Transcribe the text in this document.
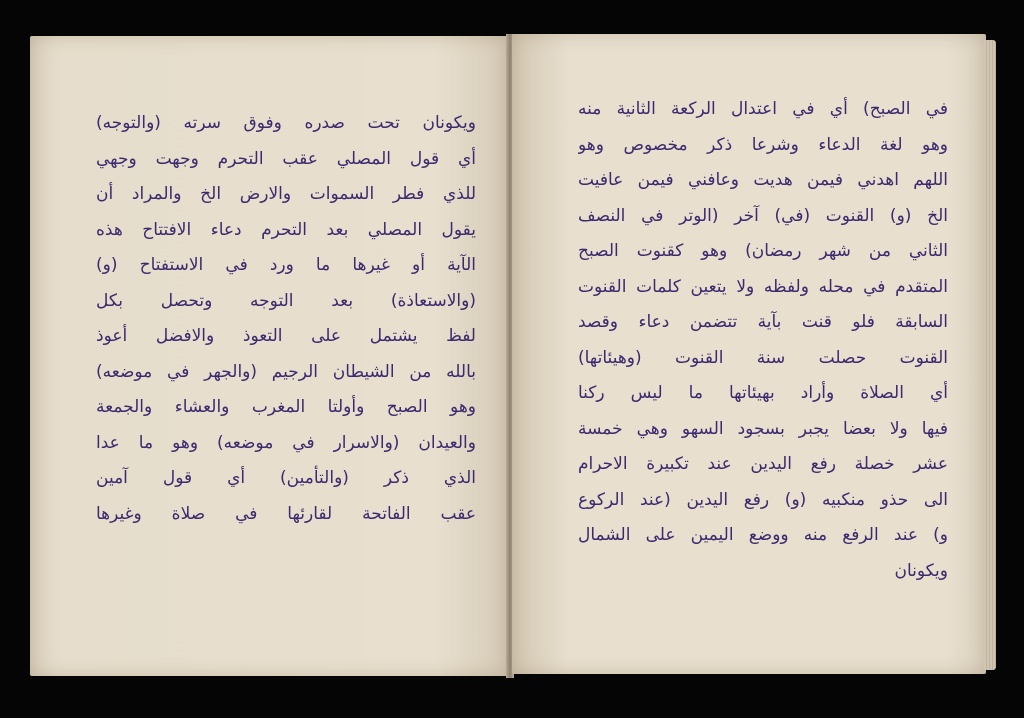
ويكونان تحت صدره وفوق سرته (والتوجه)
أي قول المصلي عقب التحرم وجهت وجهي
للذي فطر السموات والارض الخ والمراد أن
يقول المصلي بعد التحرم دعاء الافتتاح هذه
الآية أو غيرها ما ورد في الاستفتاح (و)
(والاستعاذة) بعد التوجه وتحصل بكل
لفظ يشتمل على التعوذ والافضل أعوذ
بالله من الشيطان الرجيم (والجهر في موضعه)
وهو الصبح وأولتا المغرب والعشاء والجمعة
والعيدان (والاسرار في موضعه) وهو ما عدا
الذي ذكر (والتأمين) أي قول آمين
عقب الفاتحة لقارئها في صلاة وغيرها
في الصبح) أي في اعتدال الركعة الثانية منه
وهو لغة الدعاء وشرعا ذكر مخصوص وهو
اللهم اهدني فيمن هديت وعافني فيمن عافيت
الخ (و) القنوت (في) آخر (الوتر في النصف
الثاني من شهر رمضان) وهو كقنوت الصبح
المتقدم في محله ولفظه ولا يتعين كلمات القنوت
السابقة فلو قنت بآية تتضمن دعاء وقصد
القنوت حصلت سنة القنوت (وهيئاتها)
أي الصلاة وأراد بهيئاتها ما ليس ركنا
فيها ولا بعضا يجبر بسجود السهو وهي خمسة
عشر خصلة رفع اليدين عند تكبيرة الاحرام
الى حذو منكبيه (و) رفع اليدين (عند الركوع
و) عند الرفع منه ووضع اليمين على الشمال
ويكونان
